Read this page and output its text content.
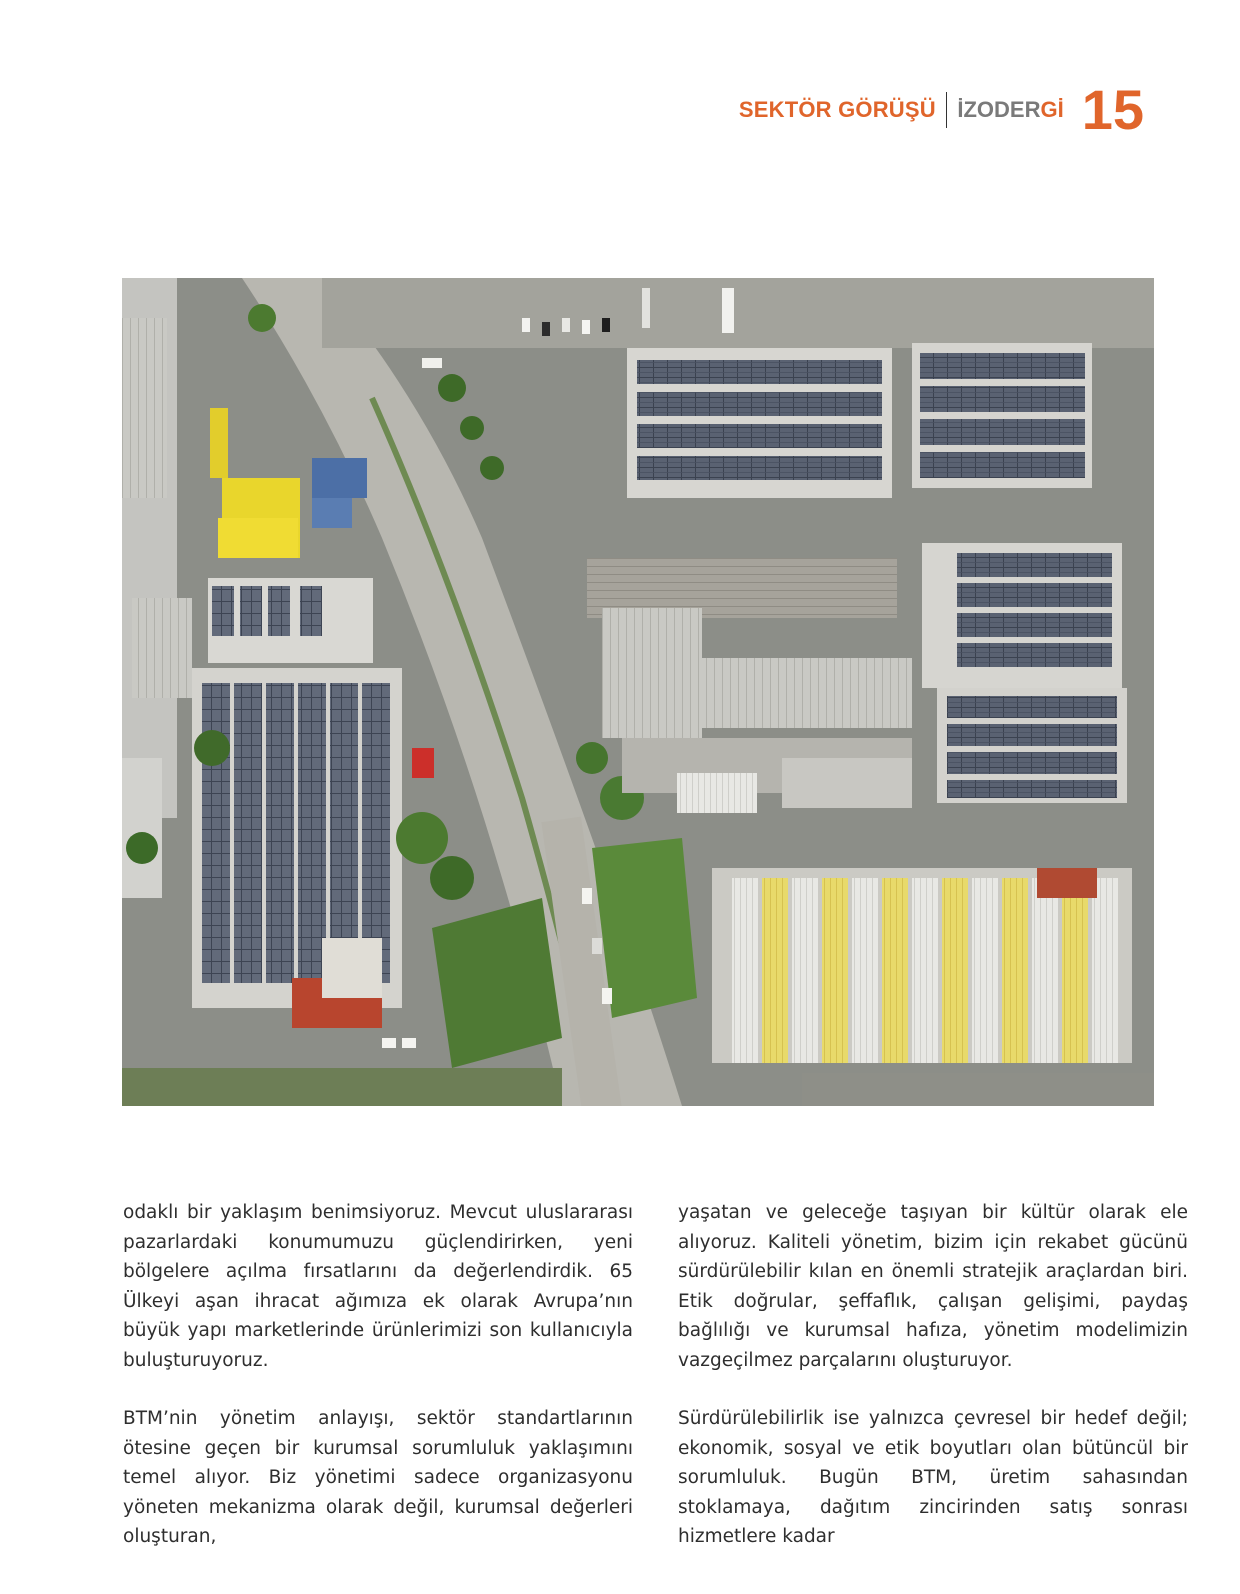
SEKTÖR GÖRÜŞÜ İZODERGİ 15

odaklı bir yaklaşım benimsiyoruz. Mevcut uluslararası pazarlardaki konumumuzu güçlendirirken, yeni bölgelere açılma fırsatlarını da değerlendirdik. 65 Ülkeyi aşan ihracat ağımıza ek olarak Avrupa’nın büyük yapı marketlerinde ürünlerimizi son kullanıcıyla buluşturuyoruz.

BTM’nin yönetim anlayışı, sektör standartlarının ötesine geçen bir kurumsal sorumluluk yaklaşımını temel alıyor. Biz yönetimi sadece organizasyonu yöneten mekanizma olarak değil, kurumsal değerleri oluşturan,

yaşatan ve geleceğe taşıyan bir kültür olarak ele alıyoruz. Kaliteli yönetim, bizim için rekabet gücünü sürdürülebilir kılan en önemli stratejik araçlardan biri. Etik doğrular, şeffaflık, çalışan gelişimi, paydaş bağlılığı ve kurumsal hafıza, yönetim modelimizin vazgeçilmez parçalarını oluşturuyor.

Sürdürülebilirlik ise yalnızca çevresel bir hedef değil; ekonomik, sosyal ve etik boyutları olan bütüncül bir sorumluluk. Bugün BTM, üretim sahasından stoklamaya, dağıtım zincirinden satış sonrası hizmetlere kadar
